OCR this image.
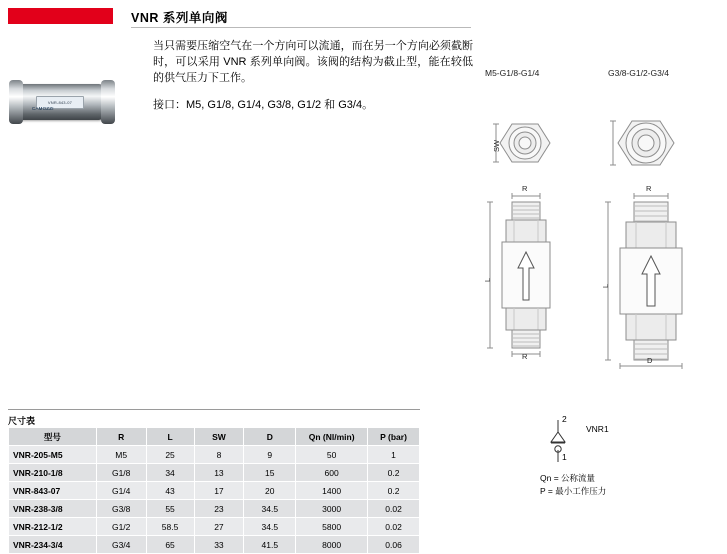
VNR 系列单向阀
当只需要压缩空气在一个方向可以流通，而在另一个方向必须截断时，可以采用 VNR 系列单向阀。该阀的结构为截止型，能在较低的供气压力下工作。
接口：M5, G1/8, G1/4, G3/8, G1/2 和 G3/4。
VNR-843-07
CAMOZZI
M5-G1/8-G1/4	G3/8-G1/2-G3/4
SW
R
R
L
R
D
L
2
1
VNR1
Qn = 公称流量
P = 最小工作压力
尺寸表
型号	R	L	SW	D	Qn (Nl/min)	P (bar)
VNR-205-M5	M5	25	8	9	50	1
VNR-210-1/8	G1/8	34	13	15	600	0.2
VNR-843-07	G1/4	43	17	20	1400	0.2
VNR-238-3/8	G3/8	55	23	34.5	3000	0.02
VNR-212-1/2	G1/2	58.5	27	34.5	5800	0.02
VNR-234-3/4	G3/4	65	33	41.5	8000	0.06
